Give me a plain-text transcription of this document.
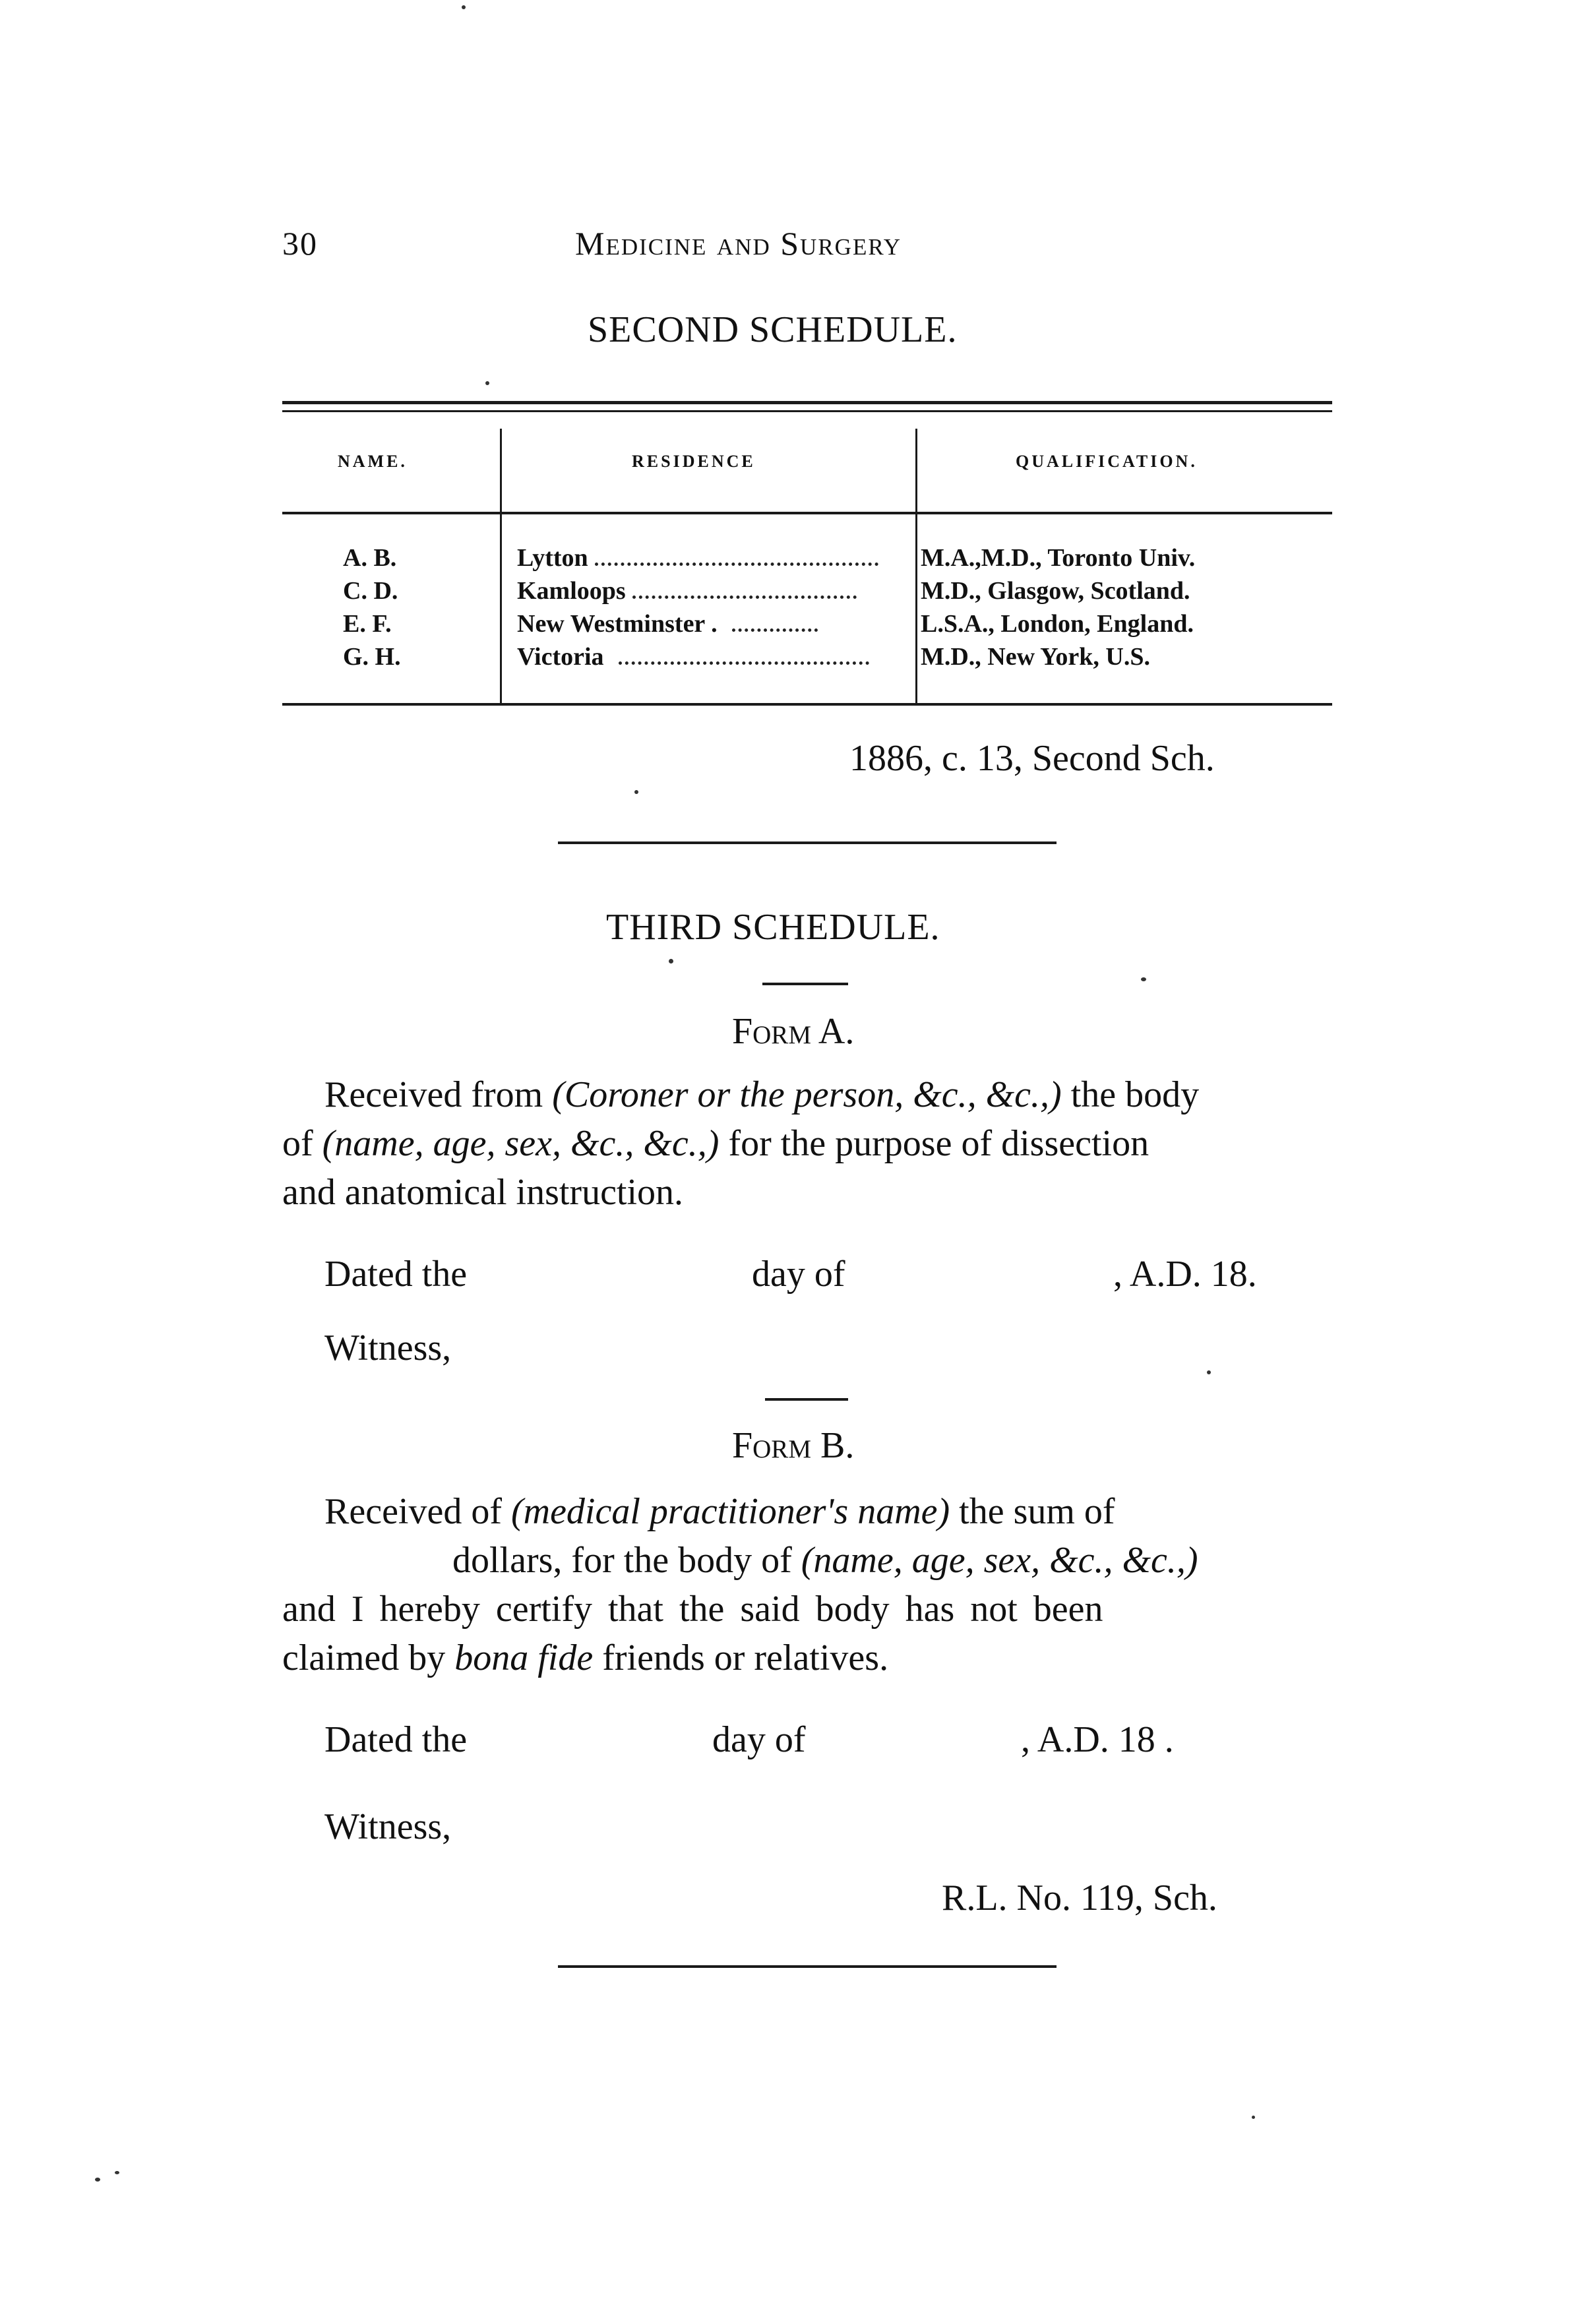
30	Medicine and Surgery
SECOND SCHEDULE.
NAME.	RESIDENCE	QUALIFICATION.
A. B.	Lytton	M.A.,M.D., Toronto Univ.
C. D.	Kamloops	M.D., Glasgow, Scotland.
E. F.	New Westminster .	L.S.A., London, England.
G. H.	Victoria	M.D., New York, U.S.
1886, c. 13, Second Sch.
THIRD SCHEDULE.
Form A.
Received from (Coroner or the person, &c., &c.,) the body
of (name, age, sex, &c., &c.,) for the purpose of dissection
and anatomical instruction.
Dated the	day of	, A.D. 18.
Witness,
Form B.
Received of (medical practitioner's name) the sum of
dollars, for the body of (name, age, sex, &c., &c.,)
and I hereby certify that the said body has not been
claimed by bona fide friends or relatives.
Dated the	day of	, A.D. 18 .
Witness,
R.L. No. 119, Sch.
